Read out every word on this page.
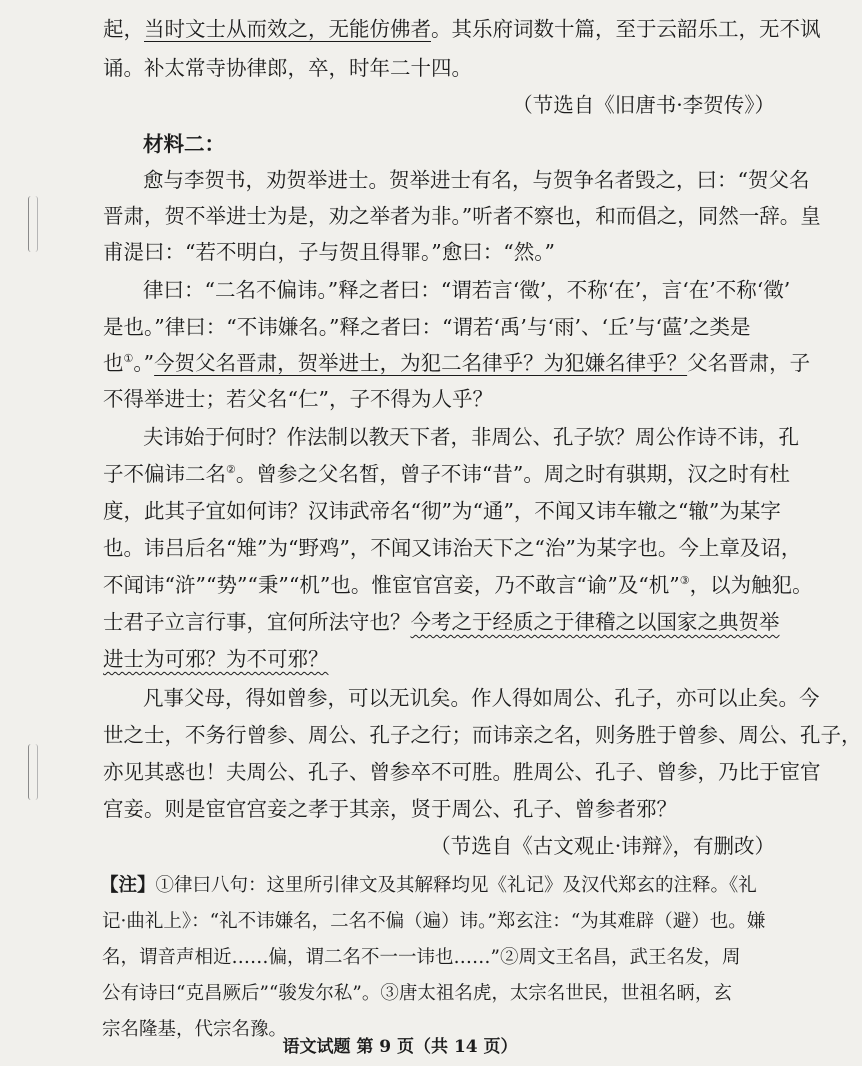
起，当时文士从而效之，无能仿佛者。其乐府词数十篇，至于云韶乐工，无不讽
诵。补太常寺协律郎，卒，时年二十四。
（节选自《旧唐书·李贺传》）
材料二：
愈与李贺书，劝贺举进士。贺举进士有名，与贺争名者毁之，曰：“贺父名
晋肃，贺不举进士为是，劝之举者为非。”听者不察也，和而倡之，同然一辞。皇
甫湜曰：“若不明白，子与贺且得罪。”愈曰：“然。”
律曰：“二名不偏讳。”释之者曰：“谓若言‘徵’，不称‘在’，言‘在’不称‘徵’
是也。”律曰：“不讳嫌名。”释之者曰：“谓若‘禹’与‘雨’、‘丘’与‘蓲’之类是
也①。”今贺父名晋肃，贺举进士，为犯二名律乎？为犯嫌名律乎？父名晋肃，子
不得举进士；若父名“仁”，子不得为人乎？
夫讳始于何时？作法制以教天下者，非周公、孔子欤？周公作诗不讳，孔
子不偏讳二名②。曾参之父名皙，曾子不讳“昔”。周之时有骐期，汉之时有杜
度，此其子宜如何讳？汉讳武帝名“彻”为“通”，不闻又讳车辙之“辙”为某字
也。讳吕后名“雉”为“野鸡”，不闻又讳治天下之“治”为某字也。今上章及诏，
不闻讳“浒”“势”“秉”“机”也。惟宦官宫妾，乃不敢言“谕”及“机”③，以为触犯。
士君子立言行事，宜何所法守也？今考之于经质之于律稽之以国家之典贺举
进士为可邪？为不可邪？
凡事父母，得如曾参，可以无讥矣。作人得如周公、孔子，亦可以止矣。今
世之士，不务行曾参、周公、孔子之行；而讳亲之名，则务胜于曾参、周公、孔子，
亦见其惑也！夫周公、孔子、曾参卒不可胜。胜周公、孔子、曾参，乃比于宦官
宫妾。则是宦官宫妾之孝于其亲，贤于周公、孔子、曾参者邪？
（节选自《古文观止·讳辩》，有删改）
【注】①律曰八句：这里所引律文及其解释均见《礼记》及汉代郑玄的注释。《礼
记·曲礼上》：“礼不讳嫌名，二名不偏（遍）讳。”郑玄注：“为其难辟（避）也。嫌
名，谓音声相近……偏，谓二名不一一讳也……”②周文王名昌，武王名发，周
公有诗曰“克昌厥后”“骏发尔私”。③唐太祖名虎，太宗名世民，世祖名昞，玄
宗名隆基，代宗名豫。
语文试题 第 9 页（共 14 页）
